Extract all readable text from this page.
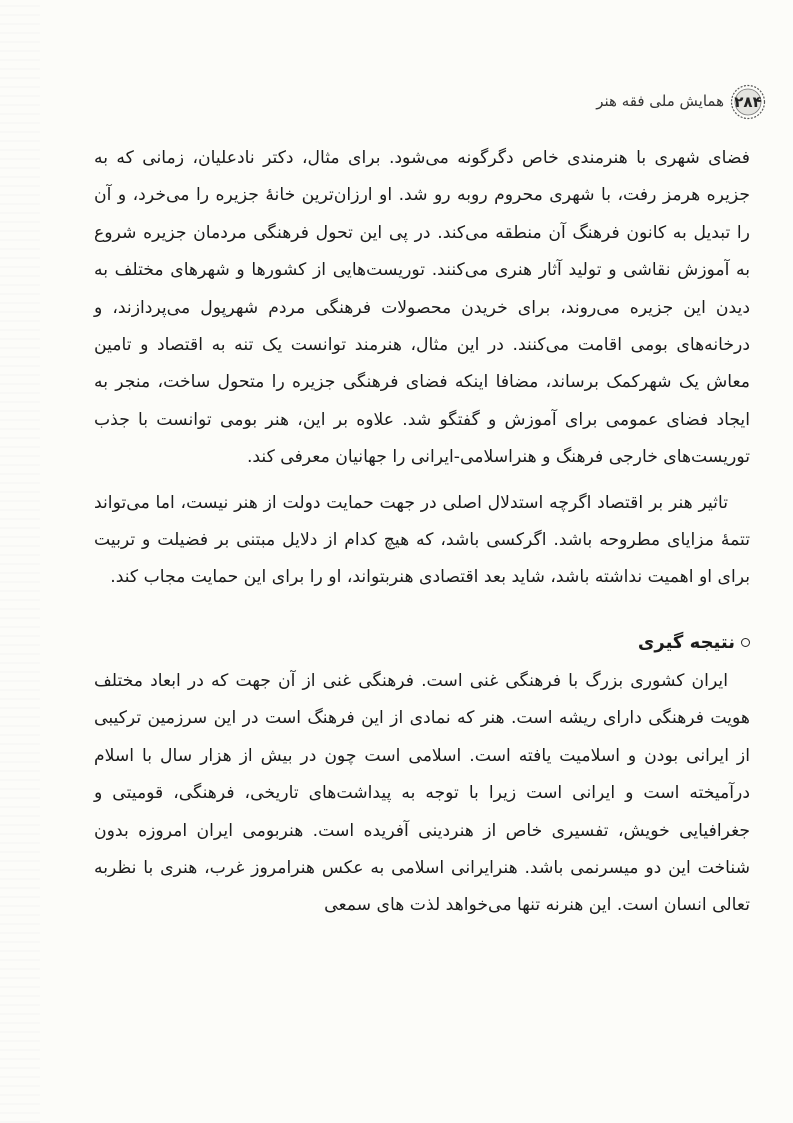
۲۸۴
همایش ملی فقه هنر

فضای شهری با هنرمندی خاص دگرگونه می‌شود. برای مثال، دکتر نادعلیان، زمانی که به جزیره هرمز رفت، با شهری محروم روبه رو شد. او ارزان‌ترین خانهٔ جزیره را می‌خرد، و آن را تبدیل به کانون فرهنگ آن منطقه می‌کند. در پی این تحول فرهنگی مردمان جزیره شروع به آموزش نقاشی و تولید آثار هنری می‌کنند. توریست‌هایی از کشورها و شهرهای مختلف به دیدن این جزیره می‌روند، برای خریدن محصولات فرهنگی مردم شهرپول می‌پردازند، و درخانه‌های بومی اقامت می‌کنند. در این مثال، هنرمند توانست یک تنه به اقتصاد و تامین معاش یک شهرکمک برساند، مضافا اینکه فضای فرهنگی جزیره را متحول ساخت، منجر به ایجاد فضای عمومی برای آموزش و گفتگو شد. علاوه بر این، هنر بومی توانست با جذب توریست‌های خارجی فرهنگ و هنراسلامی-ایرانی را جهانیان معرفی کند.

تاثیر هنر بر اقتصاد اگرچه استدلال اصلی در جهت حمایت دولت از هنر نیست، اما می‌تواند تتمهٔ مزایای مطروحه باشد. اگرکسی باشد، که هیچ کدام از دلایل مبتنی بر فضیلت و تربیت برای او اهمیت نداشته باشد، شاید بعد اقتصادی هنربتواند، او را برای این حمایت مجاب کند.

نتیجه گیری

ایران کشوری بزرگ با فرهنگی غنی است. فرهنگی غنی از آن جهت که در ابعاد مختلف هویت فرهنگی دارای ریشه است. هنر که نمادی از این فرهنگ است در این سرزمین ترکیبی از ایرانی بودن و اسلامیت یافته است. اسلامی است چون در بیش از هزار سال با اسلام درآمیخته است و ایرانی است زیرا با توجه به پیداشت‌های تاریخی، فرهنگی، قومیتی و جغرافیایی خویش، تفسیری خاص از هنردینی آفریده است. هنربومی ایران امروزه بدون شناخت این دو میسرنمی باشد. هنرایرانی اسلامی به عکس هنرامروز غرب، هنری با نظربه تعالی انسان است. این هنرنه تنها می‌خواهد لذت های سمعی
